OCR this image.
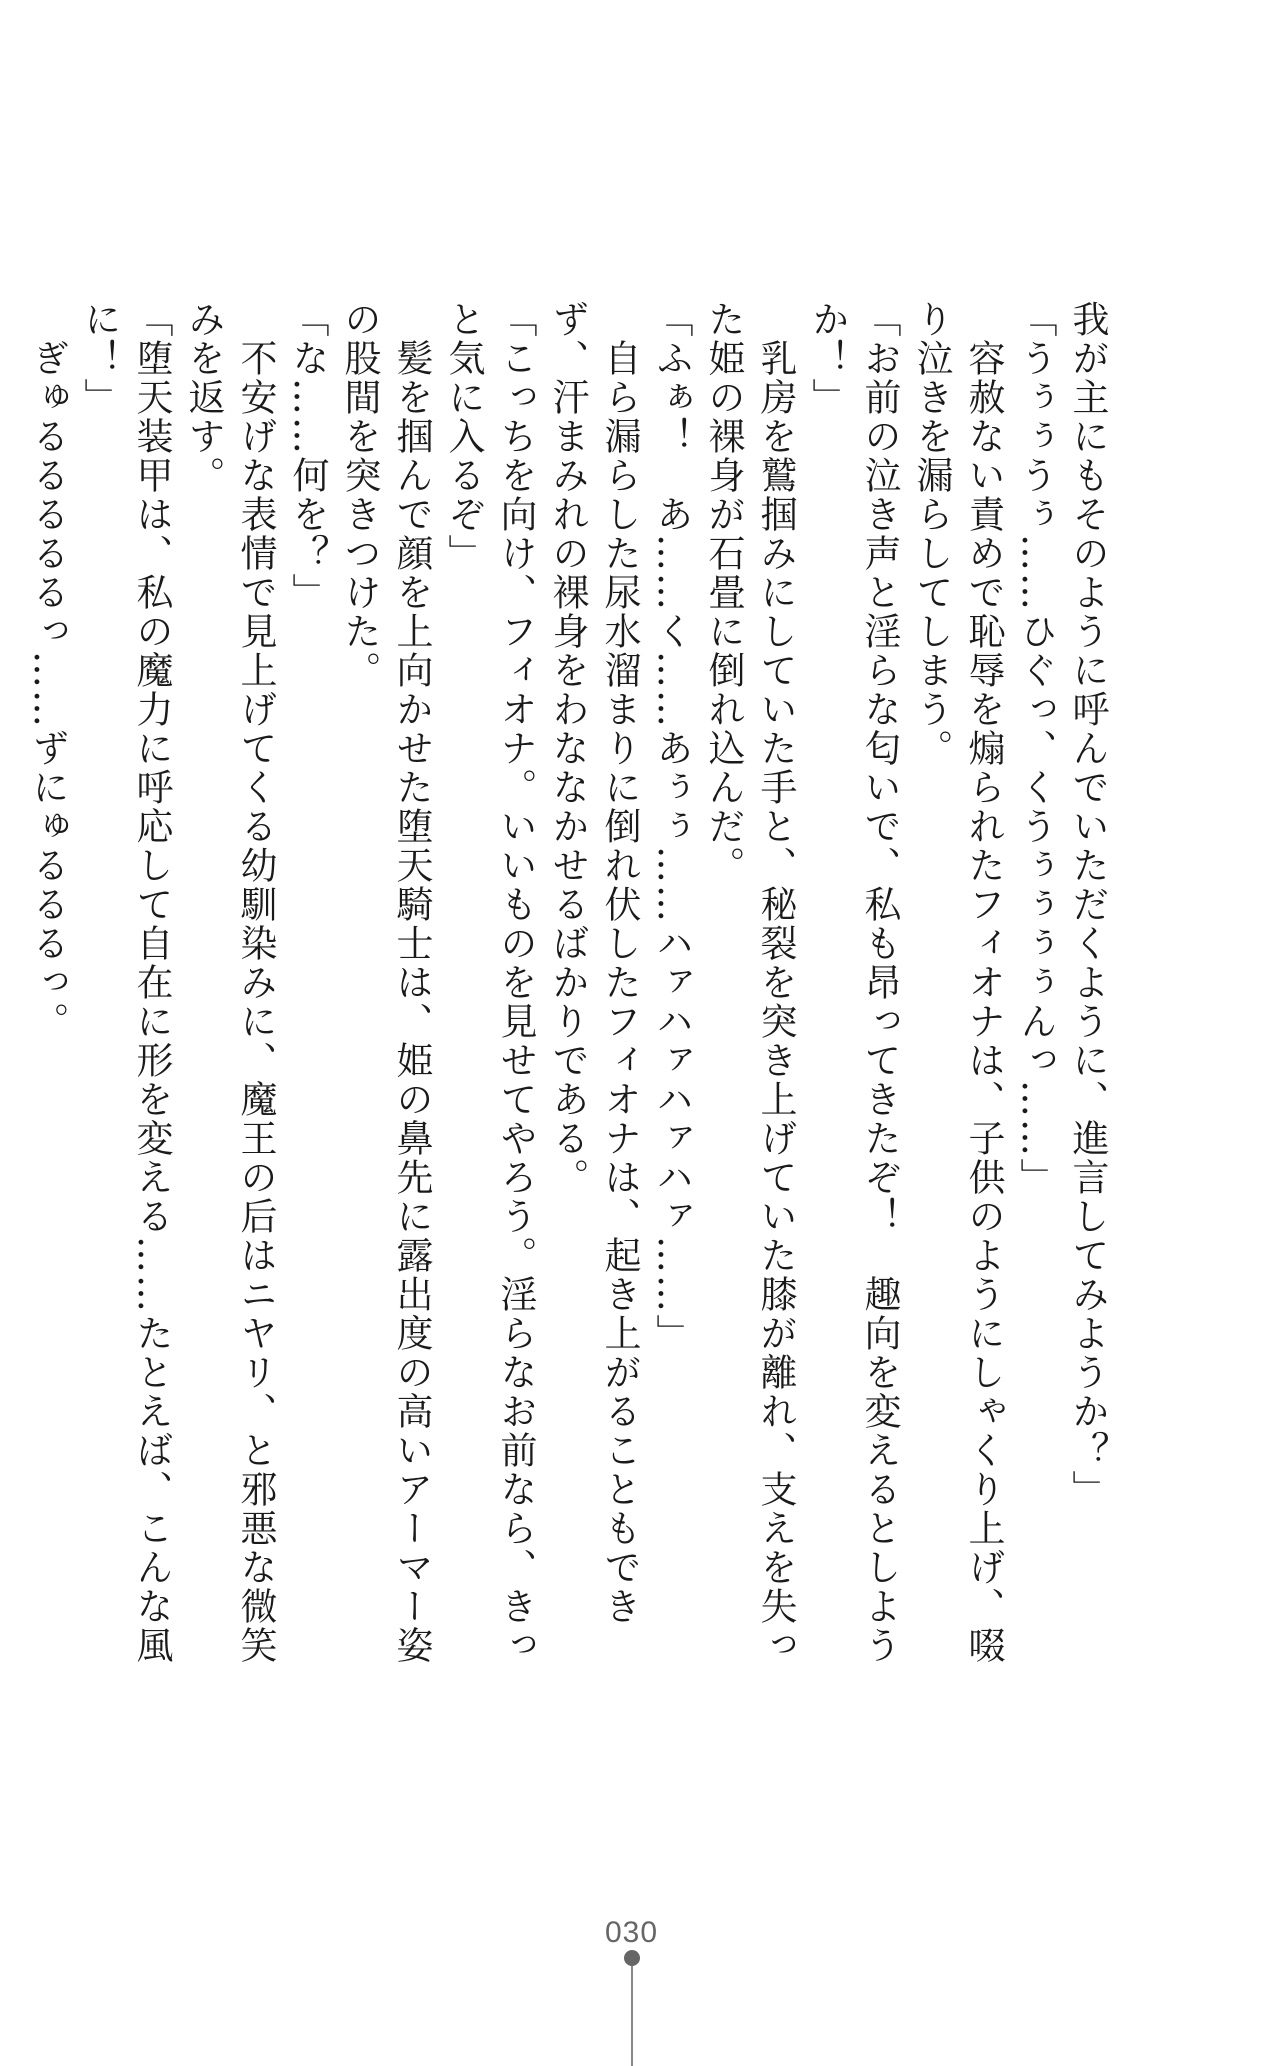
我が主にもそのように呼んでいただくように、進言してみようか？」

「うぅぅうぅ……ひぐっ、くうぅぅぅぅんっ……」

　容赦ない責めで恥辱を煽られたフィオナは、子供のようにしゃくり上げ、啜り泣きを漏らしてしまう。

「お前の泣き声と淫らな匂いで、私も昂ってきたぞ！　趣向を変えるとしようか！」

　乳房を鷲掴みにしていた手と、秘裂を突き上げていた膝が離れ、支えを失った姫の裸身が石畳に倒れ込んだ。

「ふぁ！　あ……く……あぅぅ……ハァハァハァハァ……」

　自ら漏らした尿水溜まりに倒れ伏したフィオナは、起き上がることもできず、汗まみれの裸身をわななかせるばかりである。

「こっちを向け、フィオナ。いいものを見せてやろう。淫らなお前なら、きっと気に入るぞ」

　髪を掴んで顔を上向かせた堕天騎士は、姫の鼻先に露出度の高いアーマー姿の股間を突きつけた。

「な……何を？」

　不安げな表情で見上げてくる幼馴染みに、魔王の后はニヤリ、と邪悪な微笑みを返す。

「堕天装甲は、私の魔力に呼応して自在に形を変える……たとえば、こんな風に！」

　ぎゅるるるるるっ……ずにゅるるるっ。

030
